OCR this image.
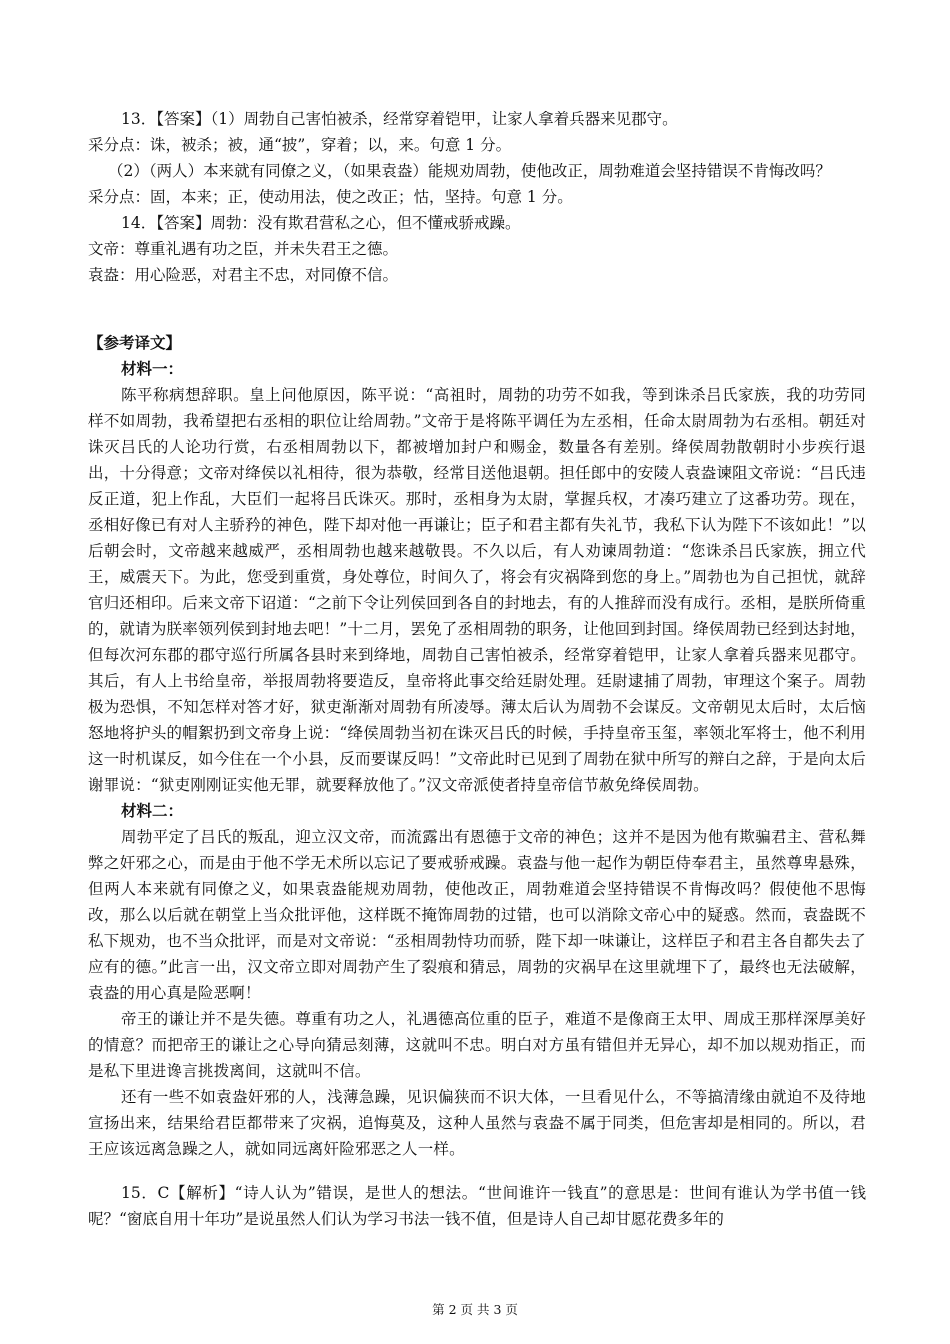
13．【答案】（1）周勃自己害怕被杀，经常穿着铠甲，让家人拿着兵器来见郡守。

采分点：诛，被杀；被，通“披”，穿着；以，来。句意 1 分。

（2）（两人）本来就有同僚之义，（如果袁盎）能规劝周勃，使他改正，周勃难道会坚持错误不肯悔改吗？

采分点：固，本来；正，使动用法，使之改正；怙，坚持。句意 1 分。

14．【答案】周勃：没有欺君营私之心，但不懂戒骄戒躁。

文帝：尊重礼遇有功之臣，并未失君王之德。

袁盎：用心险恶，对君主不忠，对同僚不信。

【参考译文】

材料一：

陈平称病想辞职。皇上问他原因，陈平说：“高祖时，周勃的功劳不如我，等到诛杀吕氏家族，我的功劳同样不如周勃，我希望把右丞相的职位让给周勃。”文帝于是将陈平调任为左丞相，任命太尉周勃为右丞相。朝廷对诛灭吕氏的人论功行赏，右丞相周勃以下，都被增加封户和赐金，数量各有差别。绛侯周勃散朝时小步疾行退出，十分得意；文帝对绛侯以礼相待，很为恭敬，经常目送他退朝。担任郎中的安陵人袁盎谏阻文帝说：“吕氏违反正道，犯上作乱，大臣们一起将吕氏诛灭。那时，丞相身为太尉，掌握兵权，才凑巧建立了这番功劳。现在，丞相好像已有对人主骄矜的神色，陛下却对他一再谦让；臣子和君主都有失礼节，我私下认为陛下不该如此！”以后朝会时，文帝越来越威严，丞相周勃也越来越敬畏。不久以后，有人劝谏周勃道：“您诛杀吕氏家族，拥立代王，威震天下。为此，您受到重赏，身处尊位，时间久了，将会有灾祸降到您的身上。”周勃也为自己担忧，就辞官归还相印。后来文帝下诏道：“之前下令让列侯回到各自的封地去，有的人推辞而没有成行。丞相，是朕所倚重的，就请为朕率领列侯到封地去吧！”十二月，罢免了丞相周勃的职务，让他回到封国。绛侯周勃已经到达封地，但每次河东郡的郡守巡行所属各县时来到绛地，周勃自己害怕被杀，经常穿着铠甲，让家人拿着兵器来见郡守。其后，有人上书给皇帝，举报周勃将要造反，皇帝将此事交给廷尉处理。廷尉逮捕了周勃，审理这个案子。周勃极为恐惧，不知怎样对答才好，狱吏渐渐对周勃有所凌辱。薄太后认为周勃不会谋反。文帝朝见太后时，太后恼怒地将护头的帽絮扔到文帝身上说：“绛侯周勃当初在诛灭吕氏的时候，手持皇帝玉玺，率领北军将士，他不利用这一时机谋反，如今住在一个小县，反而要谋反吗！”文帝此时已见到了周勃在狱中所写的辩白之辞，于是向太后谢罪说：“狱吏刚刚证实他无罪，就要释放他了。”汉文帝派使者持皇帝信节赦免绛侯周勃。

材料二：

周勃平定了吕氏的叛乱，迎立汉文帝，而流露出有恩德于文帝的神色；这并不是因为他有欺骗君主、营私舞弊之奸邪之心，而是由于他不学无术所以忘记了要戒骄戒躁。袁盎与他一起作为朝臣侍奉君主，虽然尊卑悬殊，但两人本来就有同僚之义，如果袁盎能规劝周勃，使他改正，周勃难道会坚持错误不肯悔改吗？假使他不思悔改，那么以后就在朝堂上当众批评他，这样既不掩饰周勃的过错，也可以消除文帝心中的疑惑。然而，袁盎既不私下规劝，也不当众批评，而是对文帝说：“丞相周勃恃功而骄，陛下却一味谦让，这样臣子和君主各自都失去了应有的德。”此言一出，汉文帝立即对周勃产生了裂痕和猜忌，周勃的灾祸早在这里就埋下了，最终也无法破解，袁盎的用心真是险恶啊！

帝王的谦让并不是失德。尊重有功之人，礼遇德高位重的臣子，难道不是像商王太甲、周成王那样深厚美好的情意？而把帝王的谦让之心导向猜忌刻薄，这就叫不忠。明白对方虽有错但并无异心，却不加以规劝指正，而是私下里进谗言挑拨离间，这就叫不信。

还有一些不如袁盎奸邪的人，浅薄急躁，见识偏狭而不识大体，一旦看见什么，不等搞清缘由就迫不及待地宣扬出来，结果给君臣都带来了灾祸，追悔莫及，这种人虽然与袁盎不属于同类，但危害却是相同的。所以，君王应该远离急躁之人，就如同远离奸险邪恶之人一样。

15．C【解析】“诗人认为”错误，是世人的想法。“世间谁许一钱直”的意思是：世间有谁认为学书值一钱呢？“窗底自用十年功”是说虽然人们认为学习书法一钱不值，但是诗人自己却甘愿花费多年的

第 2 页 共 3 页
